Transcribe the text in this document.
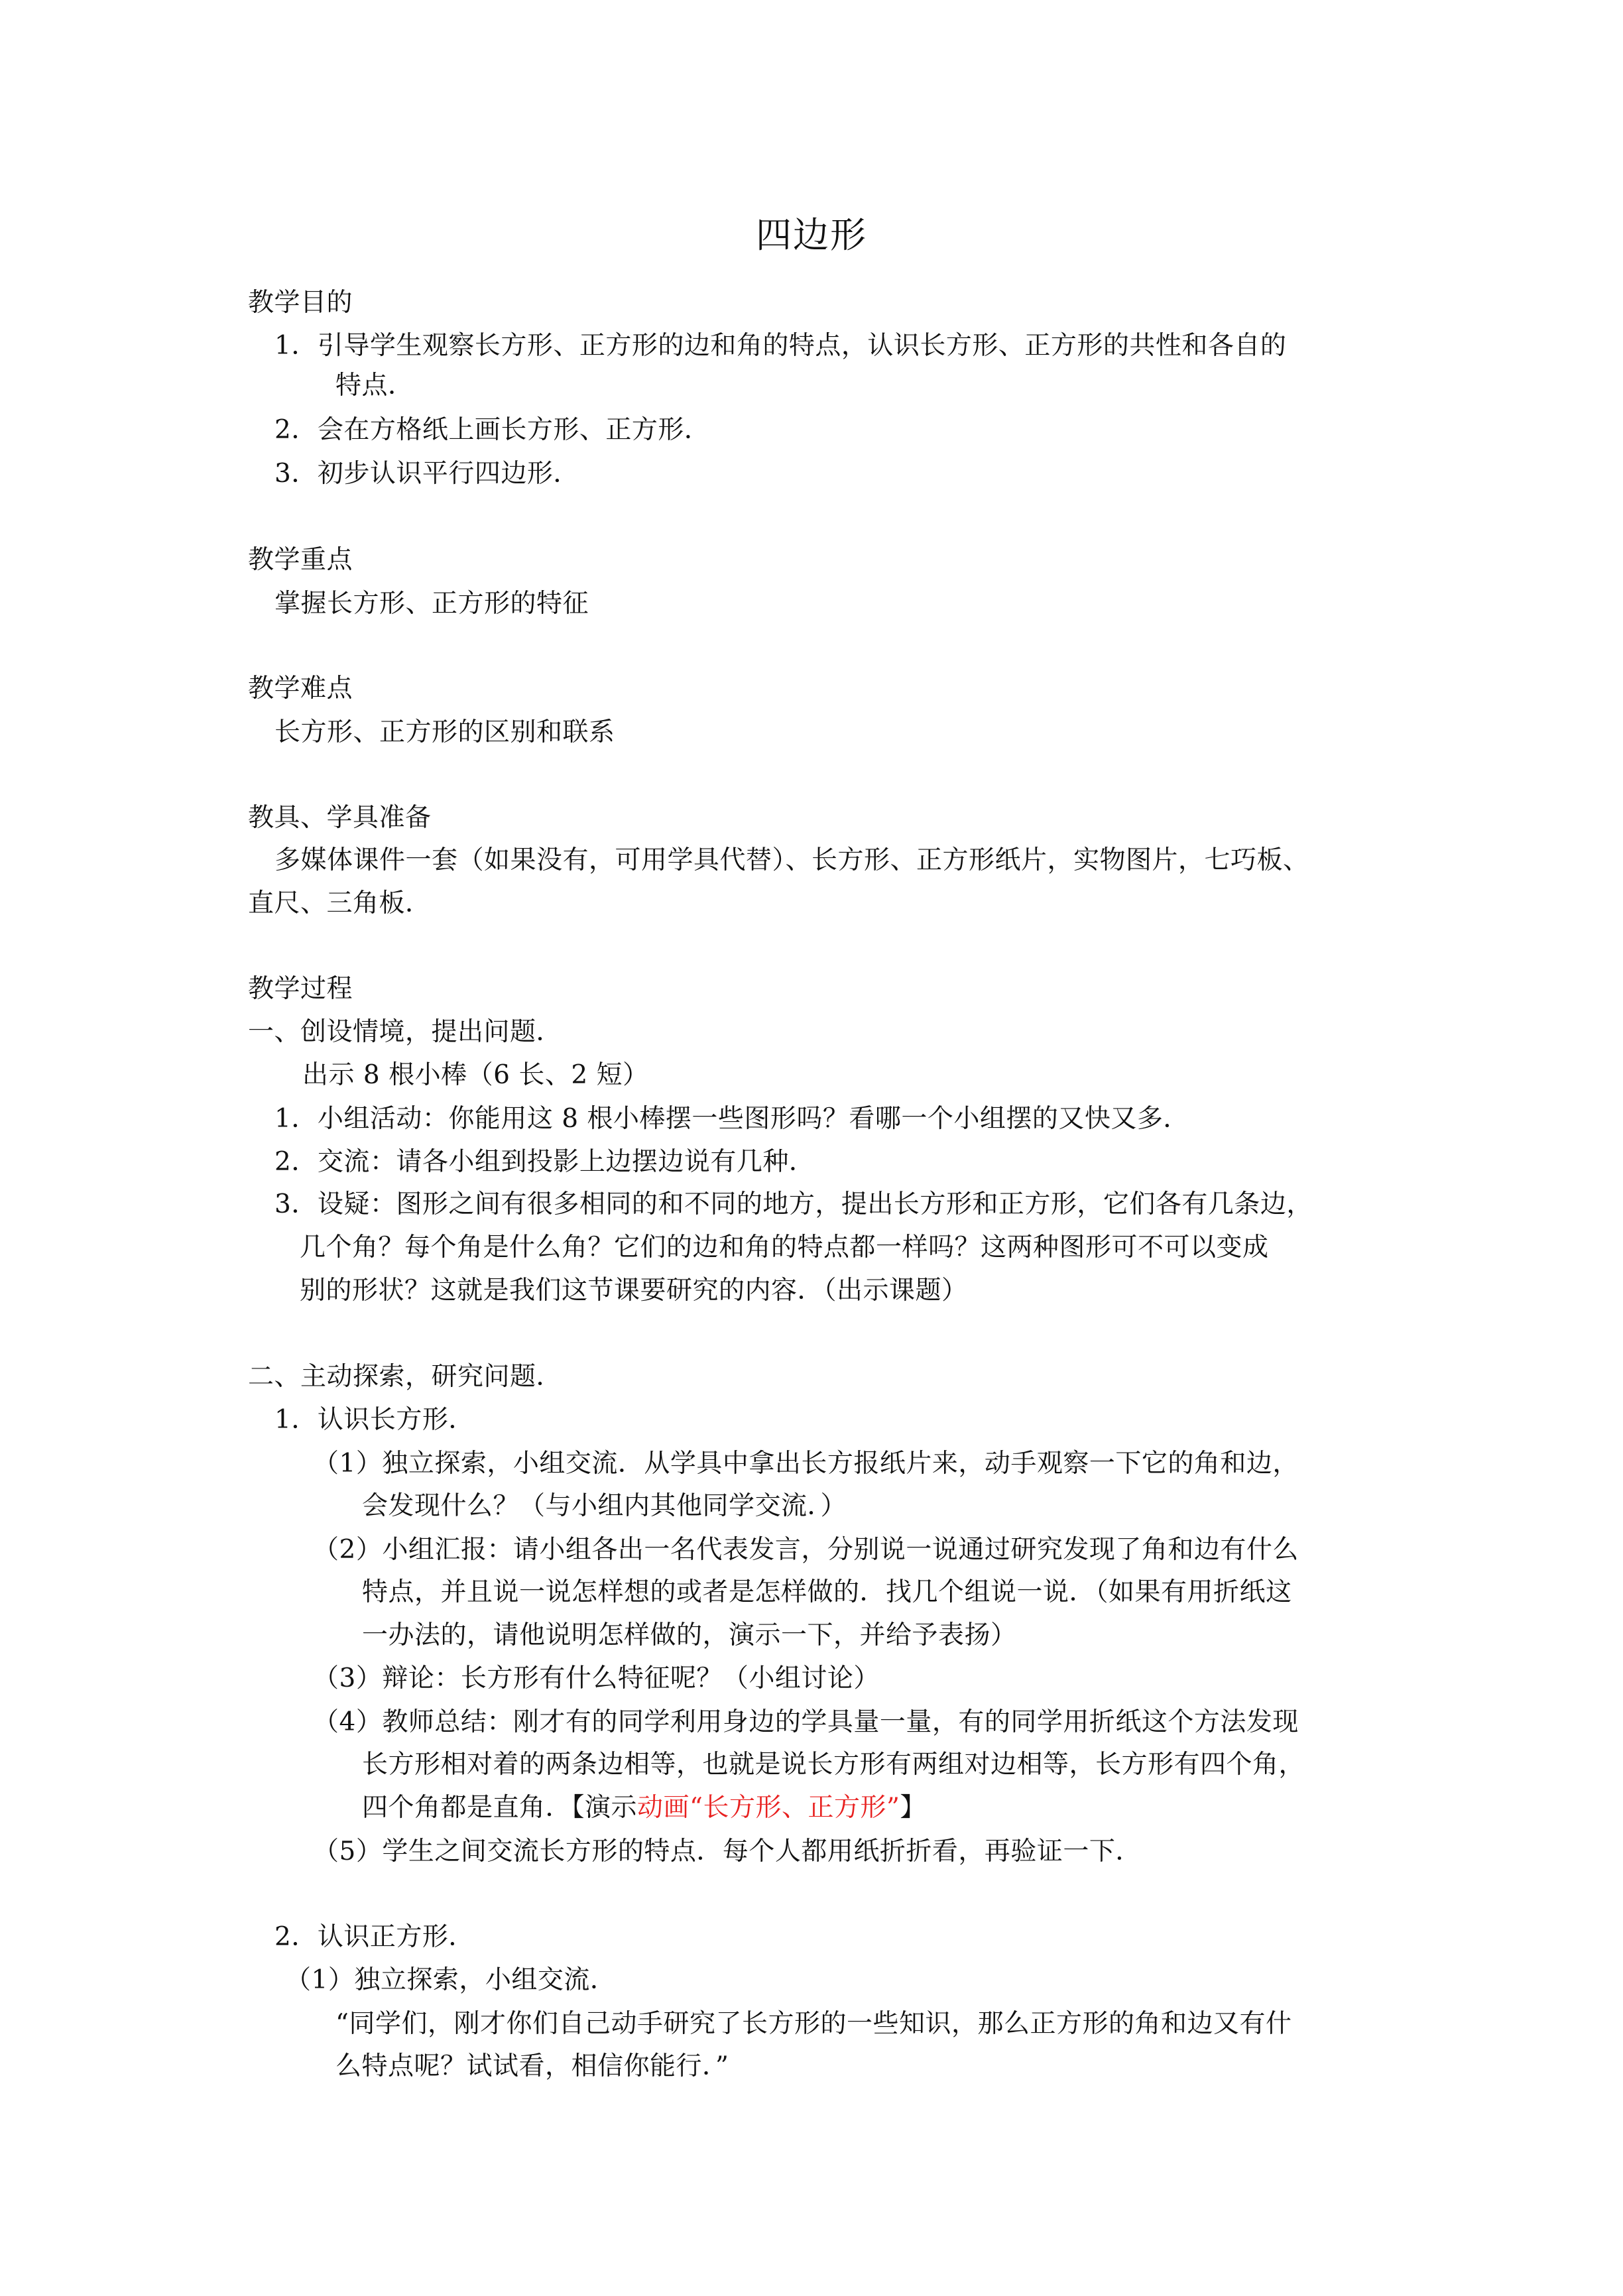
四边形
教学目的
1．引导学生观察长方形、正方形的边和角的特点，认识长方形、正方形的共性和各自的
特点．
2．会在方格纸上画长方形、正方形．
3．初步认识平行四边形．
教学重点
掌握长方形、正方形的特征
教学难点
长方形、正方形的区别和联系
教具、学具准备
多媒体课件一套（如果没有，可用学具代替）、长方形、正方形纸片，实物图片，七巧板、
直尺、三角板．
教学过程
一、创设情境，提出问题．
出示 8 根小棒（6 长、2 短）
1．小组活动：你能用这 8 根小棒摆一些图形吗？看哪一个小组摆的又快又多．
2．交流：请各小组到投影上边摆边说有几种．
3．设疑：图形之间有很多相同的和不同的地方，提出长方形和正方形，它们各有几条边，
几个角？每个角是什么角？它们的边和角的特点都一样吗？这两种图形可不可以变成
别的形状？这就是我们这节课要研究的内容．（出示课题）
二、主动探索，研究问题．
1．认识长方形．
（1）独立探索，小组交流．从学具中拿出长方报纸片来，动手观察一下它的角和边，
会发现什么？（与小组内其他同学交流．）
（2）小组汇报：请小组各出一名代表发言，分别说一说通过研究发现了角和边有什么
特点，并且说一说怎样想的或者是怎样做的．找几个组说一说．（如果有用折纸这
一办法的，请他说明怎样做的，演示一下，并给予表扬）
（3）辩论：长方形有什么特征呢？（小组讨论）
（4）教师总结：刚才有的同学利用身边的学具量一量，有的同学用折纸这个方法发现
长方形相对着的两条边相等，也就是说长方形有两组对边相等，长方形有四个角，
四个角都是直角．【演示动画“长方形、正方形”】
（5）学生之间交流长方形的特点．每个人都用纸折折看，再验证一下．
2．认识正方形．
（1）独立探索，小组交流．
“同学们，刚才你们自己动手研究了长方形的一些知识，那么正方形的角和边又有什
么特点呢？试试看，相信你能行．”
